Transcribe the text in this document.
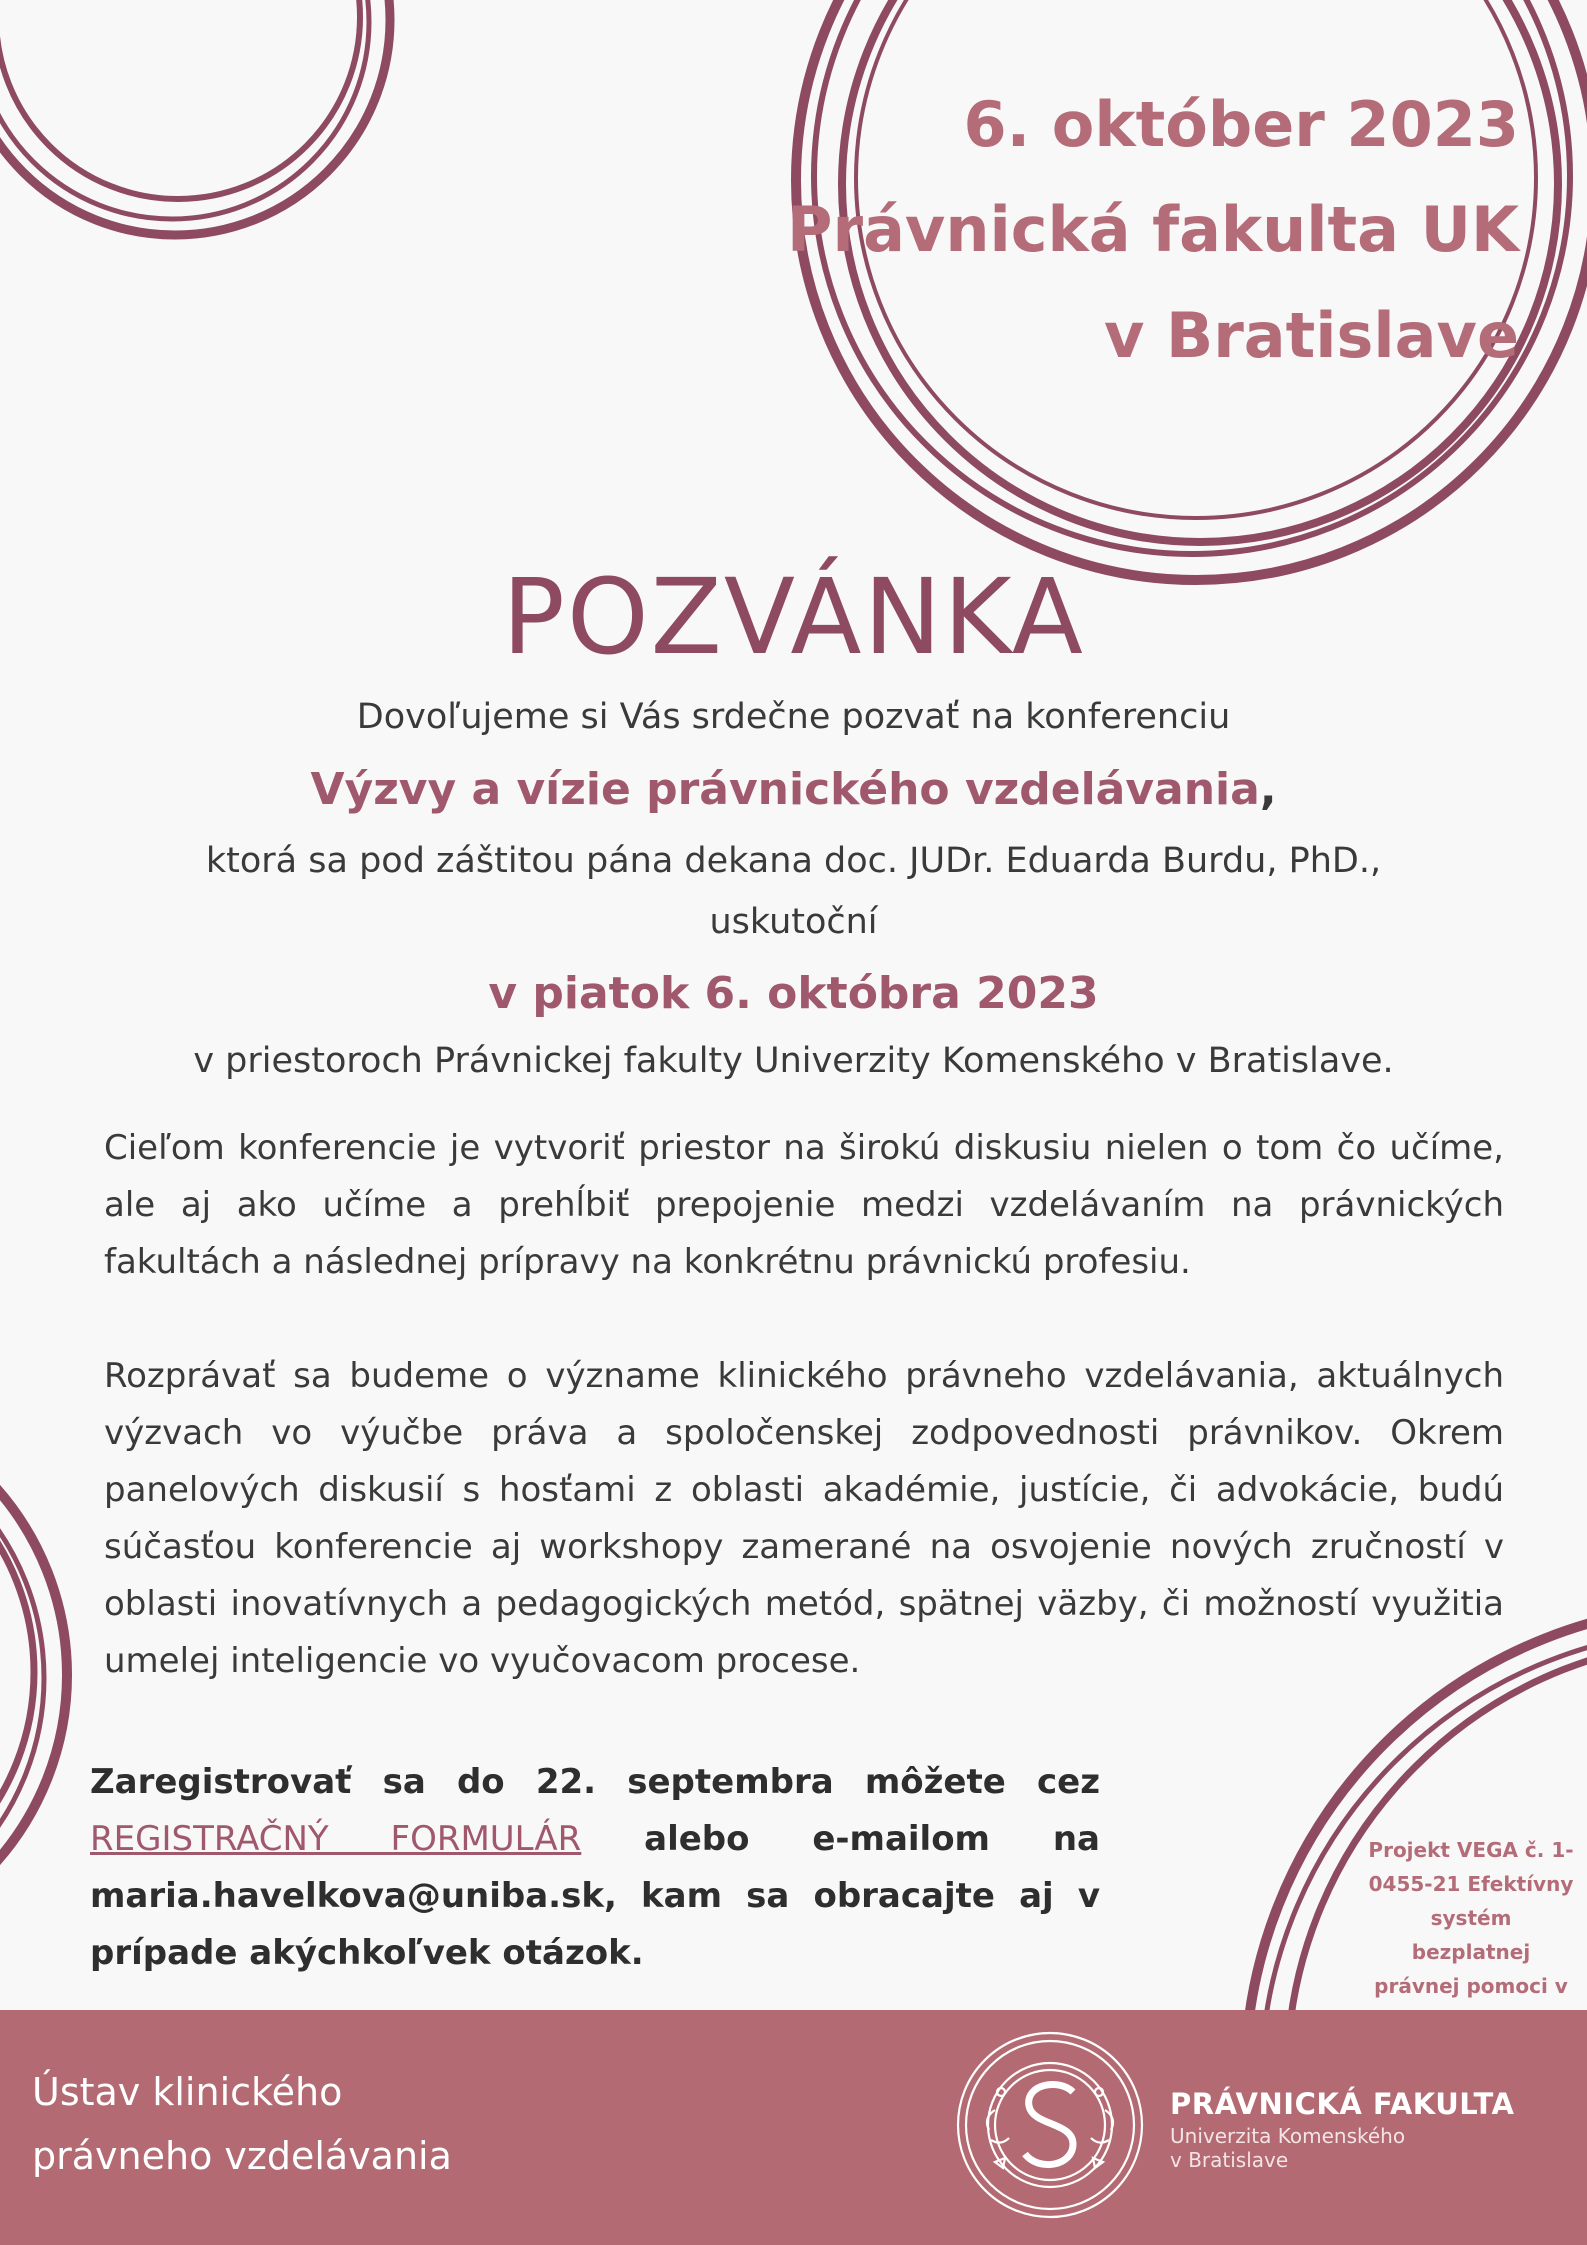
6. október 2023
Právnická fakulta UK
v Bratislave
POZVÁNKA
Dovoľujeme si Vás srdečne pozvať na konferenciu
Výzvy a vízie právnického vzdelávania,
ktorá sa pod záštitou pána dekana doc. JUDr. Eduarda Burdu, PhD.,
uskutoční
v piatok 6. októbra 2023
v priestoroch Právnickej fakulty Univerzity Komenského v Bratislave.
Cieľom konferencie je vytvoriť priestor na širokú diskusiu nielen o tom čo učíme, ale aj ako učíme a prehĺbiť prepojenie medzi vzdelávaním na právnických fakultách a následnej prípravy na konkrétnu právnickú profesiu.
Rozprávať sa budeme o význame klinického právneho vzdelávania, aktuálnych výzvach vo výučbe práva a spoločenskej zodpovednosti právnikov. Okrem panelových diskusií s hosťami z oblasti akadémie, justície, či advokácie, budú súčasťou konferencie aj workshopy zamerané na osvojenie nových zručností v oblasti inovatívnych a pedagogických metód, spätnej väzby, či možností využitia umelej inteligencie vo vyučovacom procese.
Zaregistrovať sa do 22. septembra môžete cez REGISTRAČNÝ FORMULÁR alebo e-mailom na maria.havelkova@uniba.sk, kam sa obracajte aj v prípade akýchkoľvek otázok.
Projekt VEGA č. 1-0455-21 Efektívny systém bezplatnej právnej pomoci v
Ústav klinického
právneho vzdelávania
PRÁVNICKÁ FAKULTA
Univerzita Komenského
v Bratislave
